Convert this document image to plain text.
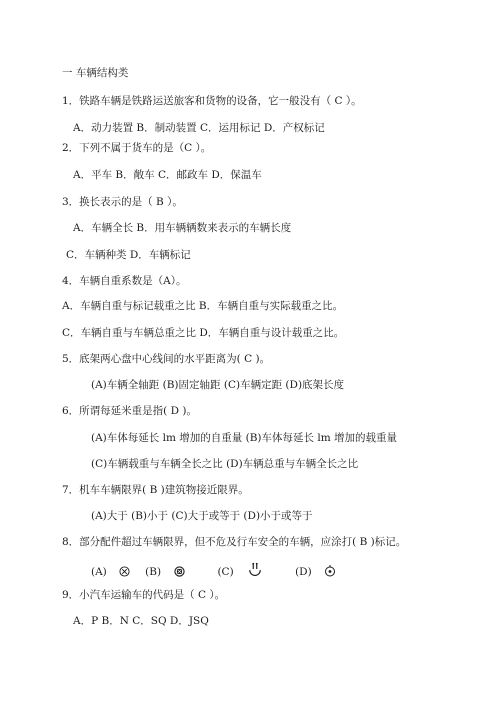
一 车辆结构类
1．铁路车辆是铁路运送旅客和货物的设备，它一般没有（ C ）。
A．动力装置 B．制动装置 C．运用标记 D．产权标记
2．下列不属于货车的是（C ）。
A．平车 B．敞车 C．邮政车 D．保温车
3．换长表示的是（ B ）。
A．车辆全长 B．用车辆辆数来表示的车辆长度
C．车辆种类 D．车辆标记
4．车辆自重系数是（A）。
A．车辆自重与标记载重之比 B．车辆自重与实际载重之比。
C．车辆自重与车辆总重之比 D．车辆自重与设计载重之比。
5．底架两心盘中心线间的水平距离为( C )。
(A)车辆全轴距 (B)固定轴距 (C)车辆定距 (D)底架长度
6．所谓每延米重是指( D )。
(A)车体每延长 lm 增加的自重量 (B)车体每延长 lm 增加的载重量
(C)车辆载重与车辆全长之比 (D)车辆总重与车辆全长之比
7．机车车辆限界( B )建筑物接近限界。
(A)大于 (B)小于 (C)大于或等于 (D)小于或等于
8．部分配件超过车辆限界，但不危及行车安全的车辆，应涂打( B )标记。
(A)	(B)	(C)	(D)
9．小汽车运输车的代码是（ C ）。
A．P B．N C．SQ D．JSQ
